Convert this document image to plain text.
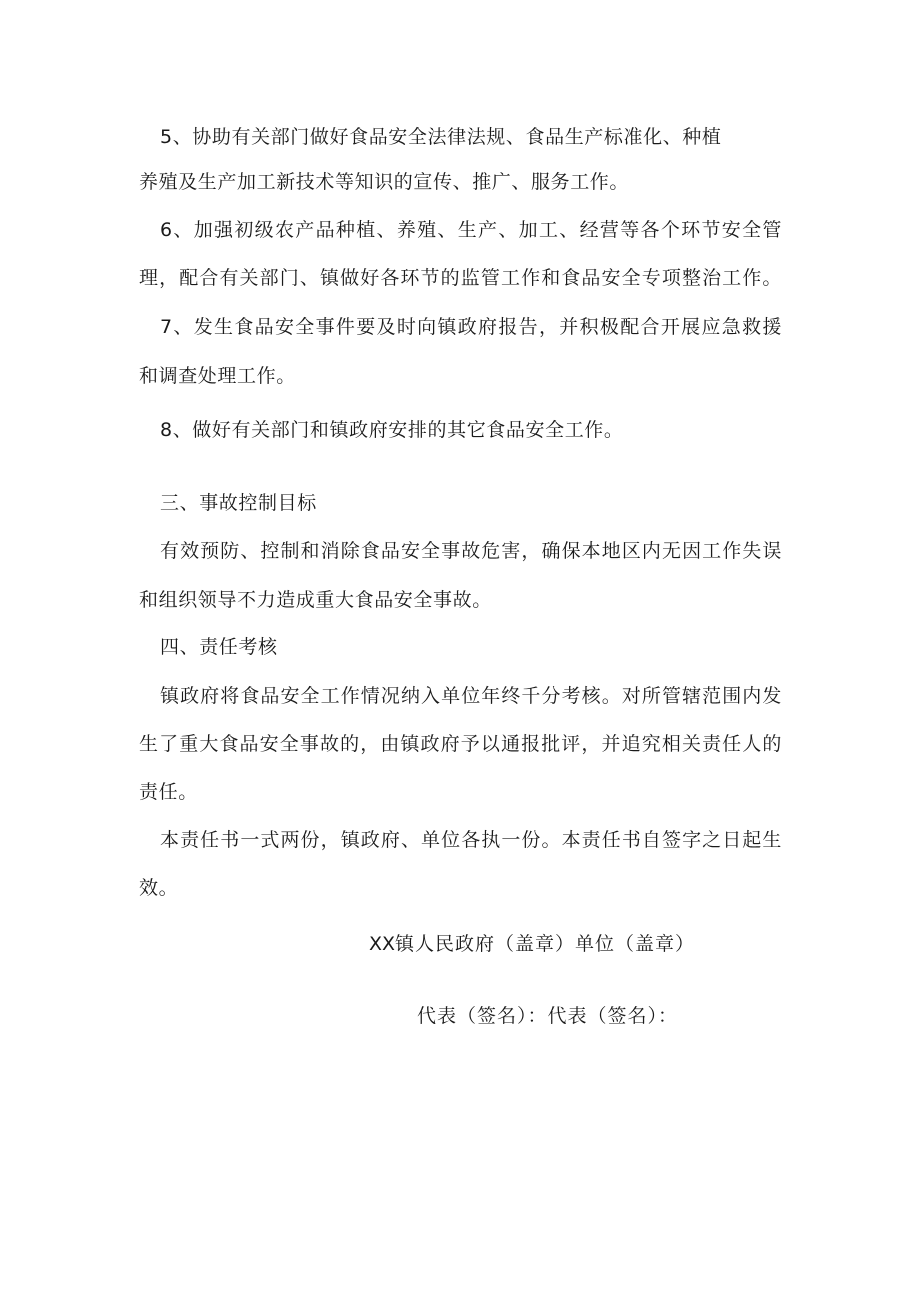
5、协助有关部门做好食品安全法律法规、食品生产标准化、种植
养殖及生产加工新技术等知识的宣传、推广、服务工作。
6、加强初级农产品种植、养殖、生产、加工、经营等各个环节安全管
理，配合有关部门、镇做好各环节的监管工作和食品安全专项整治工作。
7、发生食品安全事件要及时向镇政府报告，并积极配合开展应急救援
和调查处理工作。
8、做好有关部门和镇政府安排的其它食品安全工作。
三、事故控制目标
有效预防、控制和消除食品安全事故危害，确保本地区内无因工作失误
和组织领导不力造成重大食品安全事故。
四、责任考核
镇政府将食品安全工作情况纳入单位年终千分考核。对所管辖范围内发
生了重大食品安全事故的，由镇政府予以通报批评，并追究相关责任人的
责任。
本责任书一式两份，镇政府、单位各执一份。本责任书自签字之日起生
效。
XX镇人民政府（盖章）单位（盖章）
代表（签名）：代表（签名）：
